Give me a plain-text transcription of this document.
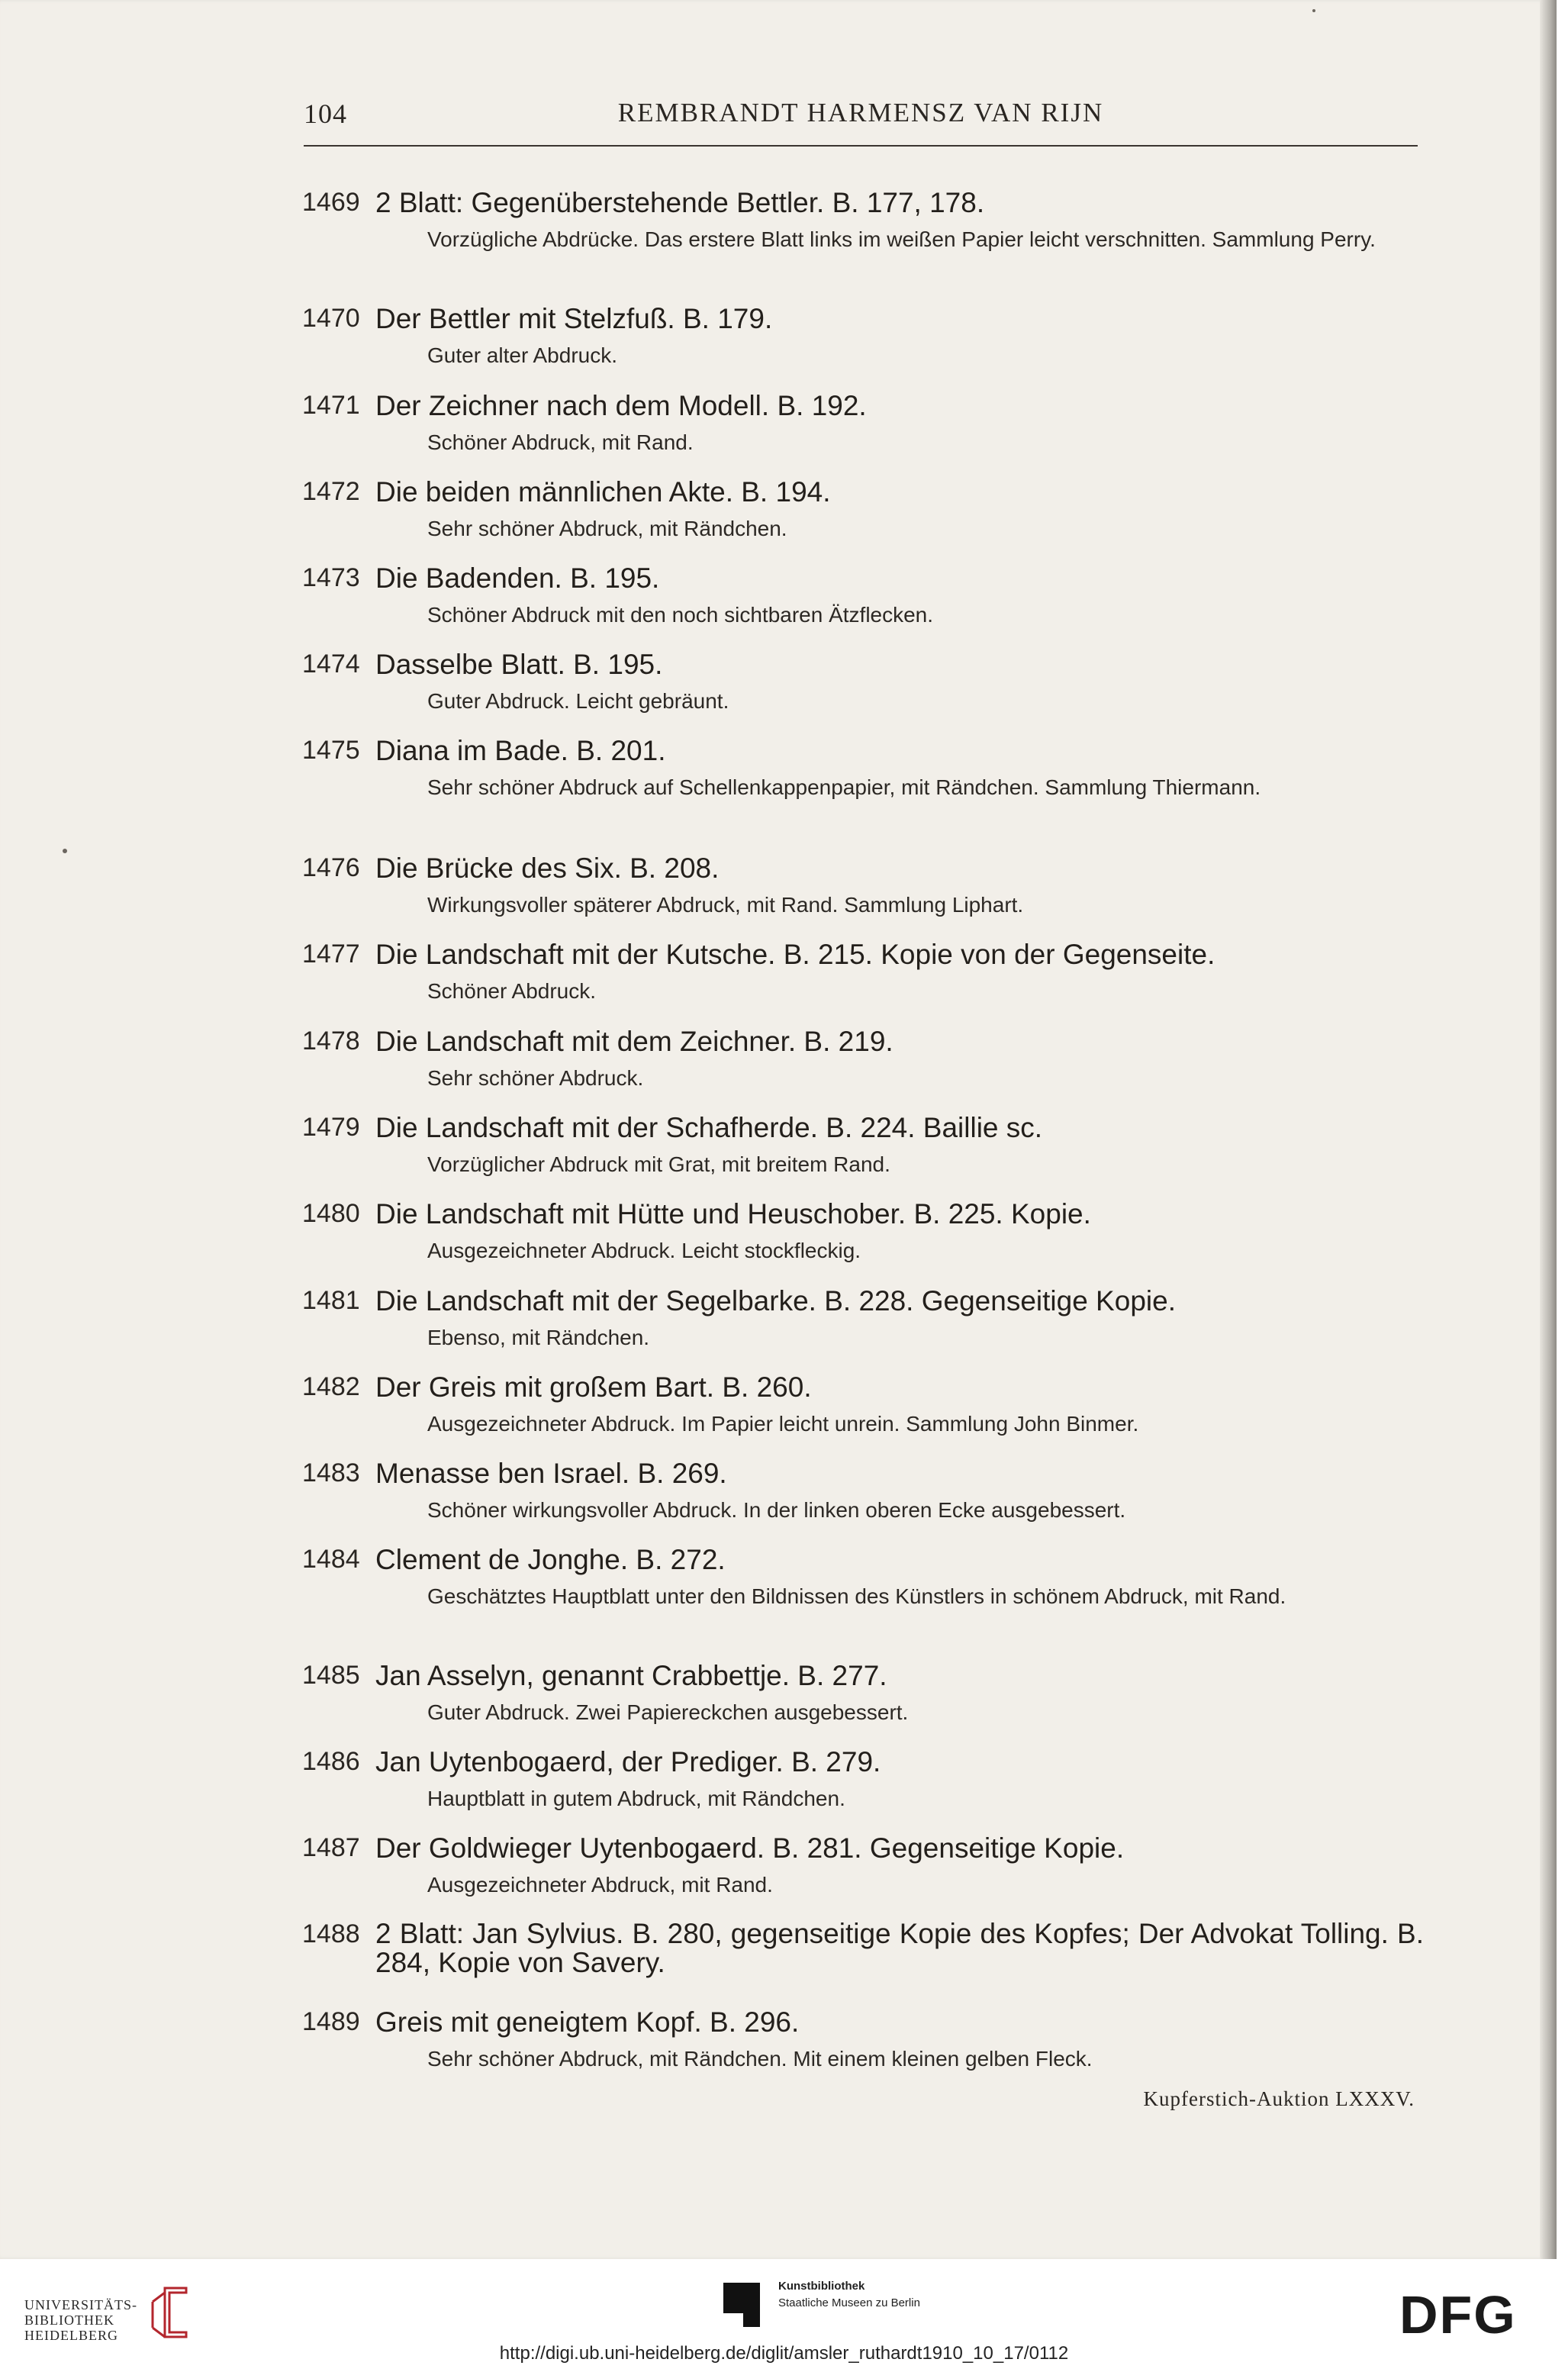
104	REMBRANDT HARMENSZ VAN RIJN
1469 2 Blatt: Gegenüberstehende Bettler. B. 177, 178.
Vorzügliche Abdrücke. Das erstere Blatt links im weißen Papier leicht verschnitten. Sammlung Perry.
1470 Der Bettler mit Stelzfuß. B. 179.
Guter alter Abdruck.
1471 Der Zeichner nach dem Modell. B. 192.
Schöner Abdruck, mit Rand.
1472 Die beiden männlichen Akte. B. 194.
Sehr schöner Abdruck, mit Rändchen.
1473 Die Badenden. B. 195.
Schöner Abdruck mit den noch sichtbaren Ätzflecken.
1474 Dasselbe Blatt. B. 195.
Guter Abdruck. Leicht gebräunt.
1475 Diana im Bade. B. 201.
Sehr schöner Abdruck auf Schellenkappenpapier, mit Rändchen. Sammlung Thiermann.
1476 Die Brücke des Six. B. 208.
Wirkungsvoller späterer Abdruck, mit Rand. Sammlung Liphart.
1477 Die Landschaft mit der Kutsche. B. 215. Kopie von der Gegenseite.
Schöner Abdruck.
1478 Die Landschaft mit dem Zeichner. B. 219.
Sehr schöner Abdruck.
1479 Die Landschaft mit der Schafherde. B. 224. Baillie sc.
Vorzüglicher Abdruck mit Grat, mit breitem Rand.
1480 Die Landschaft mit Hütte und Heuschober. B. 225. Kopie.
Ausgezeichneter Abdruck. Leicht stockfleckig.
1481 Die Landschaft mit der Segelbarke. B. 228. Gegenseitige Kopie.
Ebenso, mit Rändchen.
1482 Der Greis mit großem Bart. B. 260.
Ausgezeichneter Abdruck. Im Papier leicht unrein. Sammlung John Binmer.
1483 Menasse ben Israel. B. 269.
Schöner wirkungsvoller Abdruck. In der linken oberen Ecke ausgebessert.
1484 Clement de Jonghe. B. 272.
Geschätztes Hauptblatt unter den Bildnissen des Künstlers in schönem Abdruck, mit Rand.
1485 Jan Asselyn, genannt Crabbettje. B. 277.
Guter Abdruck. Zwei Papiereckchen ausgebessert.
1486 Jan Uytenbogaerd, der Prediger. B. 279.
Hauptblatt in gutem Abdruck, mit Rändchen.
1487 Der Goldwieger Uytenbogaerd. B. 281. Gegenseitige Kopie.
Ausgezeichneter Abdruck, mit Rand.
1488 2 Blatt: Jan Sylvius. B. 280, gegenseitige Kopie des Kopfes; Der Advokat Tolling. B. 284, Kopie von Savery.
1489 Greis mit geneigtem Kopf. B. 296.
Sehr schöner Abdruck, mit Rändchen. Mit einem kleinen gelben Fleck.
Kupferstich-Auktion LXXXV.
UNIVERSITÄTS-
BIBLIOTHEK
HEIDELBERG
Kunstbibliothek
Staatliche Museen zu Berlin	DFG
http://digi.ub.uni-heidelberg.de/diglit/amsler_ruthardt1910_10_17/0112
